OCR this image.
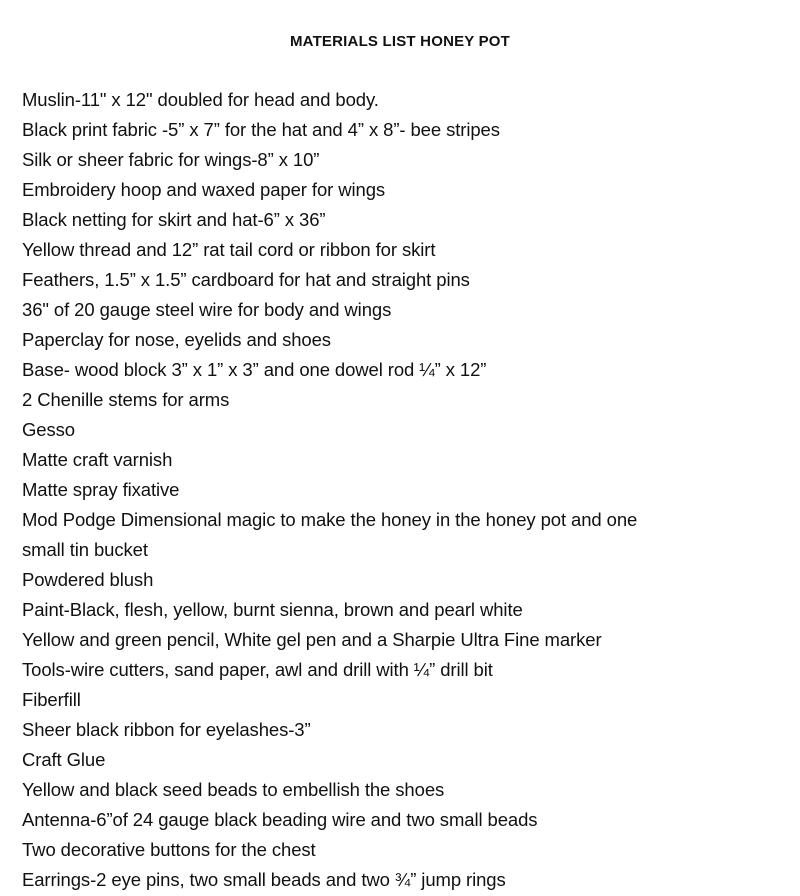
MATERIALS LIST HONEY POT
Muslin-11" x 12" doubled for head and body.
Black print fabric -5” x 7” for the hat and 4” x 8”- bee stripes
Silk or sheer fabric for wings-8” x 10”
Embroidery hoop and waxed paper for wings
Black netting for skirt and hat-6” x 36”
Yellow thread and 12” rat tail cord or ribbon for skirt
Feathers, 1.5” x 1.5” cardboard for hat and straight pins
36" of 20 gauge steel wire for body and wings
Paperclay for nose, eyelids and shoes
Base- wood block 3” x 1” x 3” and one dowel rod ¼” x 12”
2 Chenille stems for arms
Gesso
Matte craft varnish
Matte spray fixative
Mod Podge Dimensional magic to make the honey in the honey pot and one
small tin bucket
Powdered blush
Paint-Black, flesh, yellow, burnt sienna, brown and pearl white
Yellow and green pencil, White gel pen and a Sharpie Ultra Fine marker
Tools-wire cutters, sand paper, awl and drill with ¼” drill bit
Fiberfill
Sheer black ribbon for eyelashes-3”
Craft Glue
Yellow and black seed beads to embellish the shoes
Antenna-6”of 24 gauge black beading wire and two small beads
Two decorative buttons for the chest
Earrings-2 eye pins, two small beads and two ¾” jump rings
